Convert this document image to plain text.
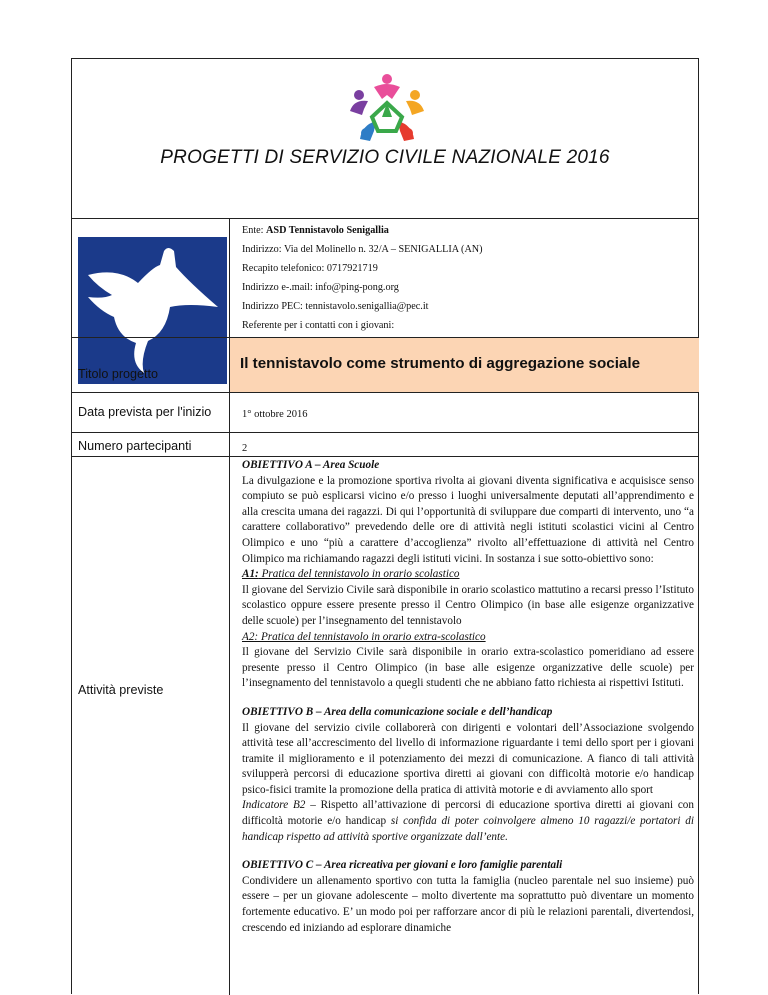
PROGETTI DI SERVIZIO CIVILE NAZIONALE 2016
Ente: ASD Tennistavolo Senigallia
Indirizzo: Via del Molinello n. 32/A – SENIGALLIA (AN)
Recapito telefonico: 0717921719
Indirizzo e-.mail: info@ping-pong.org
Indirizzo PEC: tennistavolo.senigallia@pec.it
Referente per i contatti con i giovani:
Il tennistavolo come strumento di aggregazione sociale
Titolo progetto
Data prevista per l'inizio	1° ottobre 2016
Numero partecipanti	2
Attività previste

OBIETTIVO A – Area Scuole

La divulgazione e la promozione sportiva rivolta ai giovani diventa significativa e acquisisce senso compiuto se può esplicarsi vicino e/o presso i luoghi universalmente deputati all’apprendimento e alla crescita umana dei ragazzi. Di qui l’opportunità di sviluppare due comparti di intervento, uno “a carattere collaborativo” prevedendo delle ore di attività negli istituti scolastici vicini al Centro Olimpico e uno “più a carattere d’accoglienza” rivolto all’effettuazione di attività nel Centro Olimpico ma richiamando ragazzi degli istituti vicini. In sostanza i sue sotto-obiettivo sono:

A1: Pratica del tennistavolo in orario scolastico

Il giovane del Servizio Civile sarà disponibile in orario scolastico mattutino a recarsi presso l’Istituto scolastico oppure essere presente presso il Centro Olimpico (in base alle esigenze organizzative delle scuole) per l’insegnamento del tennistavolo

A2: Pratica del tennistavolo in orario extra-scolastico

Il giovane del Servizio Civile sarà disponibile in orario extra-scolastico pomeridiano ad essere presente presso il Centro Olimpico (in base alle esigenze organizzative delle scuole) per l’insegnamento del tennistavolo a quegli studenti che ne abbiano fatto richiesta ai rispettivi Istituti.

OBIETTIVO B – Area della comunicazione sociale e dell’handicap

Il giovane del servizio civile collaborerà con dirigenti e volontari dell’Associazione svolgendo attività tese all’accrescimento del livello di informazione riguardante i temi dello sport per i giovani tramite il miglioramento e il potenziamento dei mezzi di comunicazione. A fianco di tali attività svilupperà percorsi di educazione sportiva diretti ai giovani con difficoltà motorie e/o handicap psico-fisici tramite la promozione della pratica di attività motorie e di avviamento allo sport

Indicatore B2 – Rispetto all’attivazione di percorsi di educazione sportiva diretti ai giovani con difficoltà motorie e/o handicap si confida di poter coinvolgere almeno 10 ragazzi/e portatori di handicap rispetto ad attività sportive organizzate dall’ente.

OBIETTIVO C – Area ricreativa per giovani e loro famiglie parentali

Condividere un allenamento sportivo con tutta la famiglia (nucleo parentale nel suo insieme) può essere – per un giovane adolescente – molto divertente ma soprattutto può diventare un momento fortemente educativo. E’ un modo poi per rafforzare ancor di più le relazioni parentali, divertendosi, crescendo ed iniziando ad esplorare dinamiche
